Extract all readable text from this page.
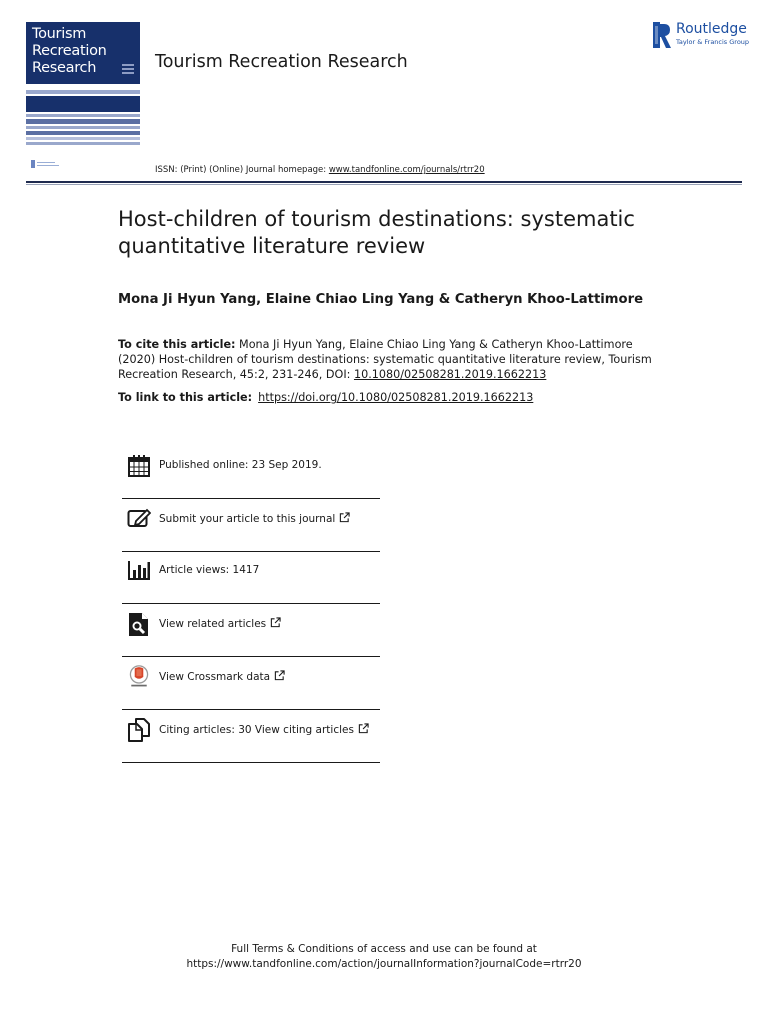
Tourism
Recreation
Research	Tourism Recreation Research
Routledge
Taylor & Francis Group
ISSN: (Print) (Online) Journal homepage: www.tandfonline.com/journals/rtrr20
Host-children of tourism destinations: systematic quantitative literature review
Mona Ji Hyun Yang, Elaine Chiao Ling Yang & Catheryn Khoo-Lattimore
To cite this article: Mona Ji Hyun Yang, Elaine Chiao Ling Yang & Catheryn Khoo-Lattimore
(2020) Host-children of tourism destinations: systematic quantitative literature review, Tourism
Recreation Research, 45:2, 231-246, DOI: 10.1080/02508281.2019.1662213
To link to this article: https://doi.org/10.1080/02508281.2019.1662213
Published online: 23 Sep 2019.
Submit your article to this journal
Article views: 1417
View related articles
View Crossmark data
Citing articles: 30 View citing articles
Full Terms & Conditions of access and use can be found at
https://www.tandfonline.com/action/journalInformation?journalCode=rtrr20
